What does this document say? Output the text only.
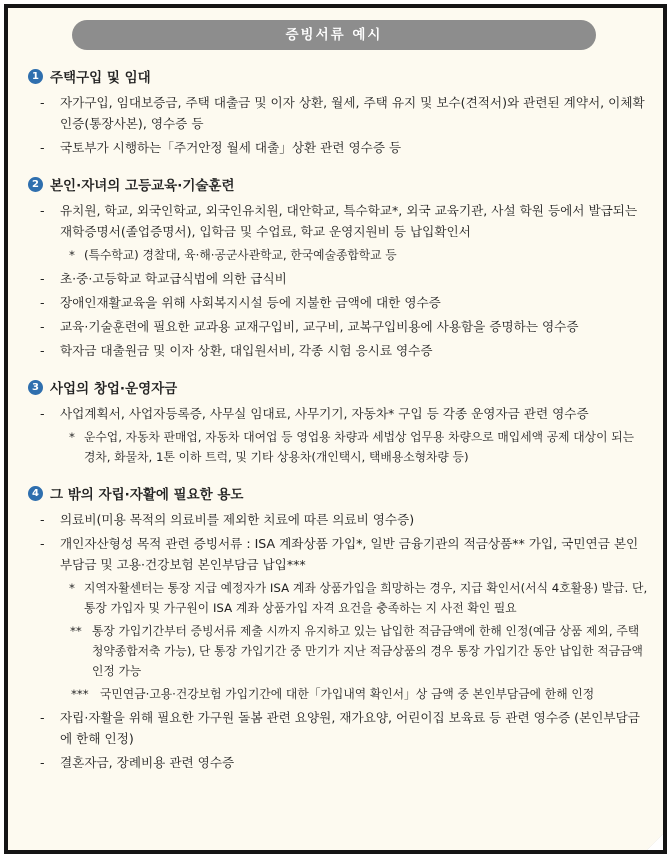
증빙서류 예시
1 주택구입 및 임대
- 자가구입, 임대보증금, 주택 대출금 및 이자 상환, 월세, 주택 유지 및 보수(견적서)와 관련된 계약서, 이체확인증(통장사본), 영수증 등
- 국토부가 시행하는「주거안정 월세 대출」상환 관련 영수증 등
2 본인·자녀의 고등교육·기술훈련
- 유치원, 학교, 외국인학교, 외국인유치원, 대안학교, 특수학교*, 외국 교육기관, 사설 학원 등에서 발급되는 재학증명서(졸업증명서), 입학금 및 수업료, 학교 운영지원비 등 납입확인서
* (특수학교) 경찰대, 육·해·공군사관학교, 한국예술종합학교 등
- 초·중·고등학교 학교급식법에 의한 급식비
- 장애인재활교육을 위해 사회복지시설 등에 지불한 금액에 대한 영수증
- 교육·기술훈련에 필요한 교과용 교재구입비, 교구비, 교복구입비용에 사용함을 증명하는 영수증
- 학자금 대출원금 및 이자 상환, 대입원서비, 각종 시험 응시료 영수증
3 사업의 창업·운영자금
- 사업계획서, 사업자등록증, 사무실 임대료, 사무기기, 자동차* 구입 등 각종 운영자금 관련 영수증
* 운수업, 자동차 판매업, 자동차 대여업 등 영업용 차량과 세법상 업무용 차량으로 매입세액 공제 대상이 되는 경차, 화물차, 1톤 이하 트럭, 및 기타 상용차(개인택시, 택배용소형차량 등)
4 그 밖의 자립·자활에 필요한 용도
- 의료비(미용 목적의 의료비를 제외한 치료에 따른 의료비 영수증)
- 개인자산형성 목적 관련 증빙서류 : ISA 계좌상품 가입*, 일반 금융기관의 적금상품** 가입, 국민연금 본인부담금 및 고용·건강보험 본인부담금 납입***
* 지역자활센터는 통장 지급 예정자가 ISA 계좌 상품가입을 희망하는 경우, 지급 확인서(서식 4호활용) 발급. 단, 통장 가입자 및 가구원이 ISA 계좌 상품가입 자격 요건을 충족하는 지 사전 확인 필요
** 통장 가입기간부터 증빙서류 제출 시까지 유지하고 있는 납입한 적금금액에 한해 인정(예금 상품 제외, 주택청약종합저축 가능), 단 통장 가입기간 중 만기가 지난 적금상품의 경우 통장 가입기간 동안 납입한 적금금액 인정 가능
*** 국민연금·고용·건강보험 가입기간에 대한「가입내역 확인서」상 금액 중 본인부담금에 한해 인정
- 자립·자활을 위해 필요한 가구원 돌봄 관련 요양원, 재가요양, 어린이집 보육료 등 관련 영수증 (본인부담금에 한해 인정)
- 결혼자금, 장례비용 관련 영수증
